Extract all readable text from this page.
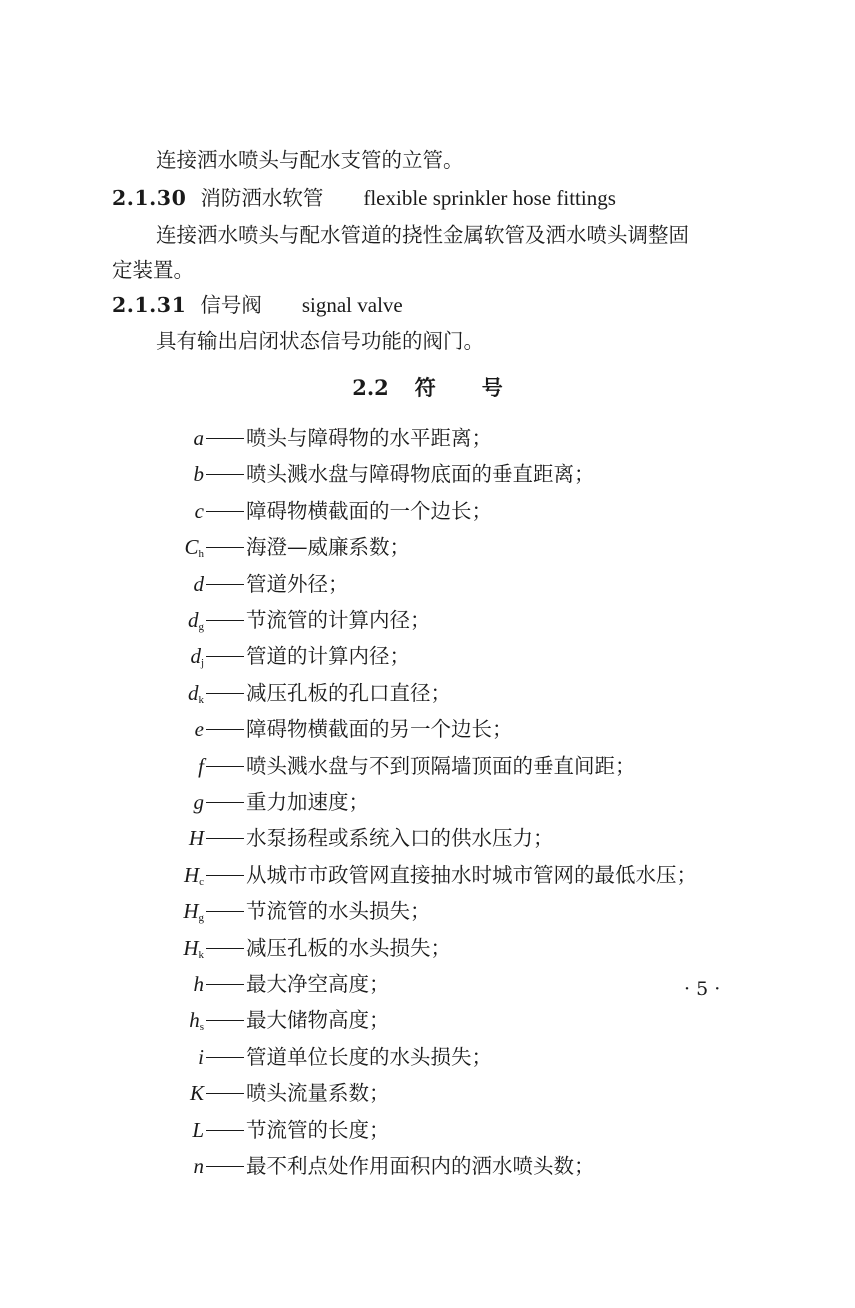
连接洒水喷头与配水支管的立管。
2.1.30 消防洒水软管 flexible sprinkler hose fittings
连接洒水喷头与配水管道的挠性金属软管及洒水喷头调整固
定装置。
2.1.31 信号阀 signal valve
具有输出启闭状态信号功能的阀门。
2.2 符号
a 喷头与障碍物的水平距离；
b 喷头溅水盘与障碍物底面的垂直距离；
c 障碍物横截面的一个边长；
$C_h$ 海澄—威廉系数；
d 管道外径；
$d_g$ 节流管的计算内径；
$d_j$ 管道的计算内径；
$d_k$ 减压孔板的孔口直径；
e 障碍物横截面的另一个边长；
f 喷头溅水盘与不到顶隔墙顶面的垂直间距；
g 重力加速度；
H 水泵扬程或系统入口的供水压力；
$H_c$ 从城市市政管网直接抽水时城市管网的最低水压；
$H_g$ 节流管的水头损失；
$H_k$ 减压孔板的水头损失；
h 最大净空高度；
$h_s$ 最大储物高度；
i 管道单位长度的水头损失；
K 喷头流量系数；
L 节流管的长度；
n 最不利点处作用面积内的洒水喷头数；
· 5 ·
